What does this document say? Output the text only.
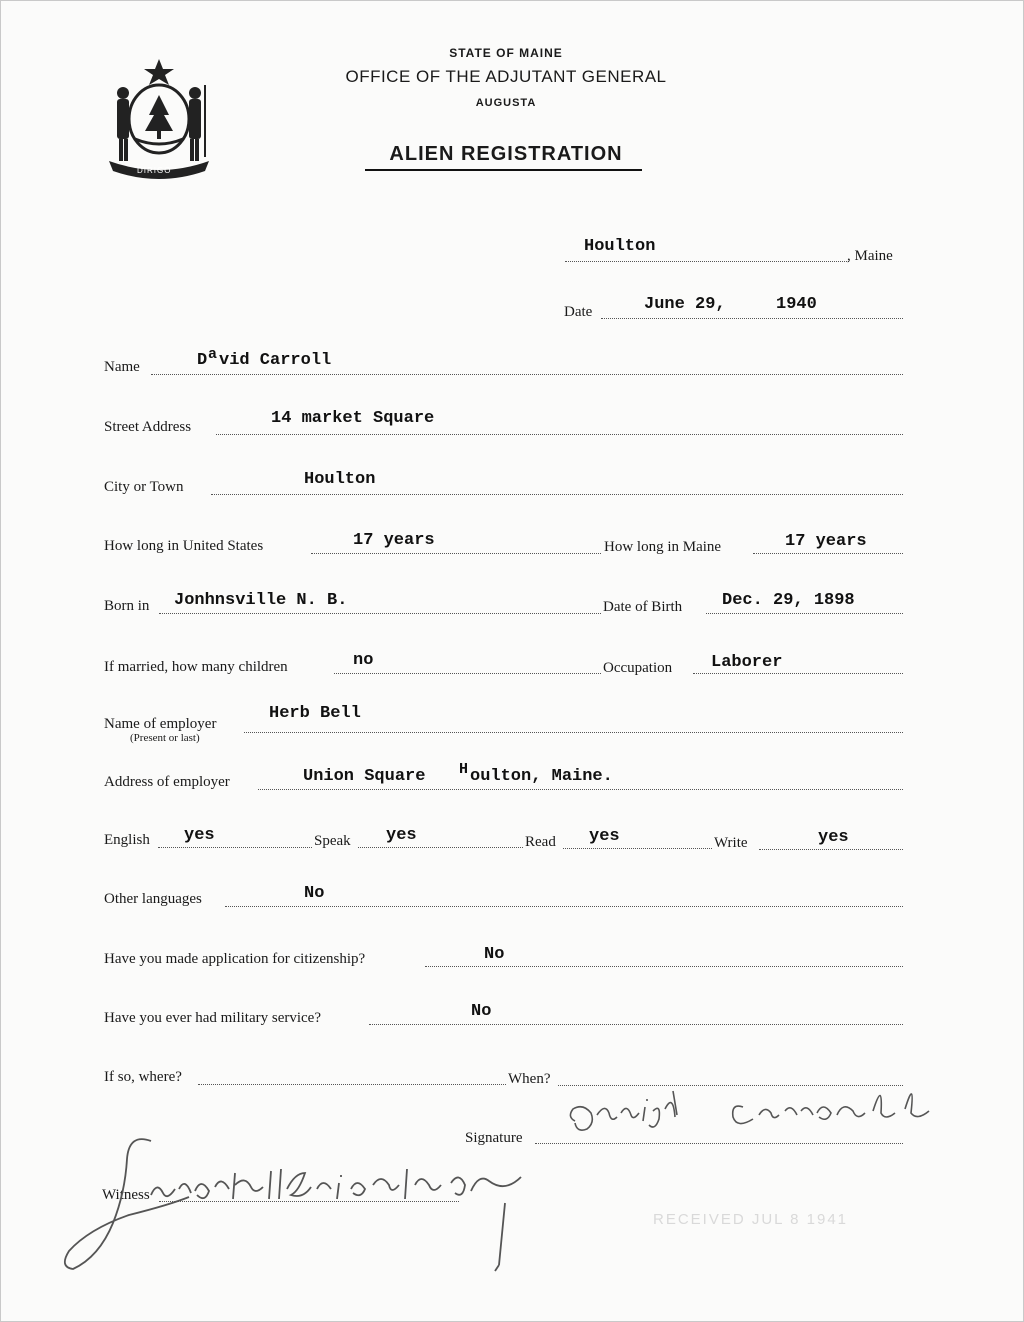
DIRIGO
STATE OF MAINE
OFFICE OF THE ADJUTANT GENERAL
AUGUSTA
ALIEN REGISTRATION
Houlton	, Maine
Date	June 29,	1940
Name	D a vid Carroll
Street Address	14 market Square
City or Town	Houlton
How long in United States	17 years	How long in Maine	17 years
Born in Jonhnsville N. B.	Date of Birth Dec. 29, 1898
If married, how many children	no	Occupation Laborer
Name of employer
(Present or last)
Herb Bell
Address of employer	Union Square H oulton, Maine.
English yes	Speak yes	Read yes	Write	yes
Other languages	No
Have you made application for citizenship?	No
Have you ever had military service?	No
If so, where?	When?
Signature
Witness
RECEIVED JUL 8 1941
